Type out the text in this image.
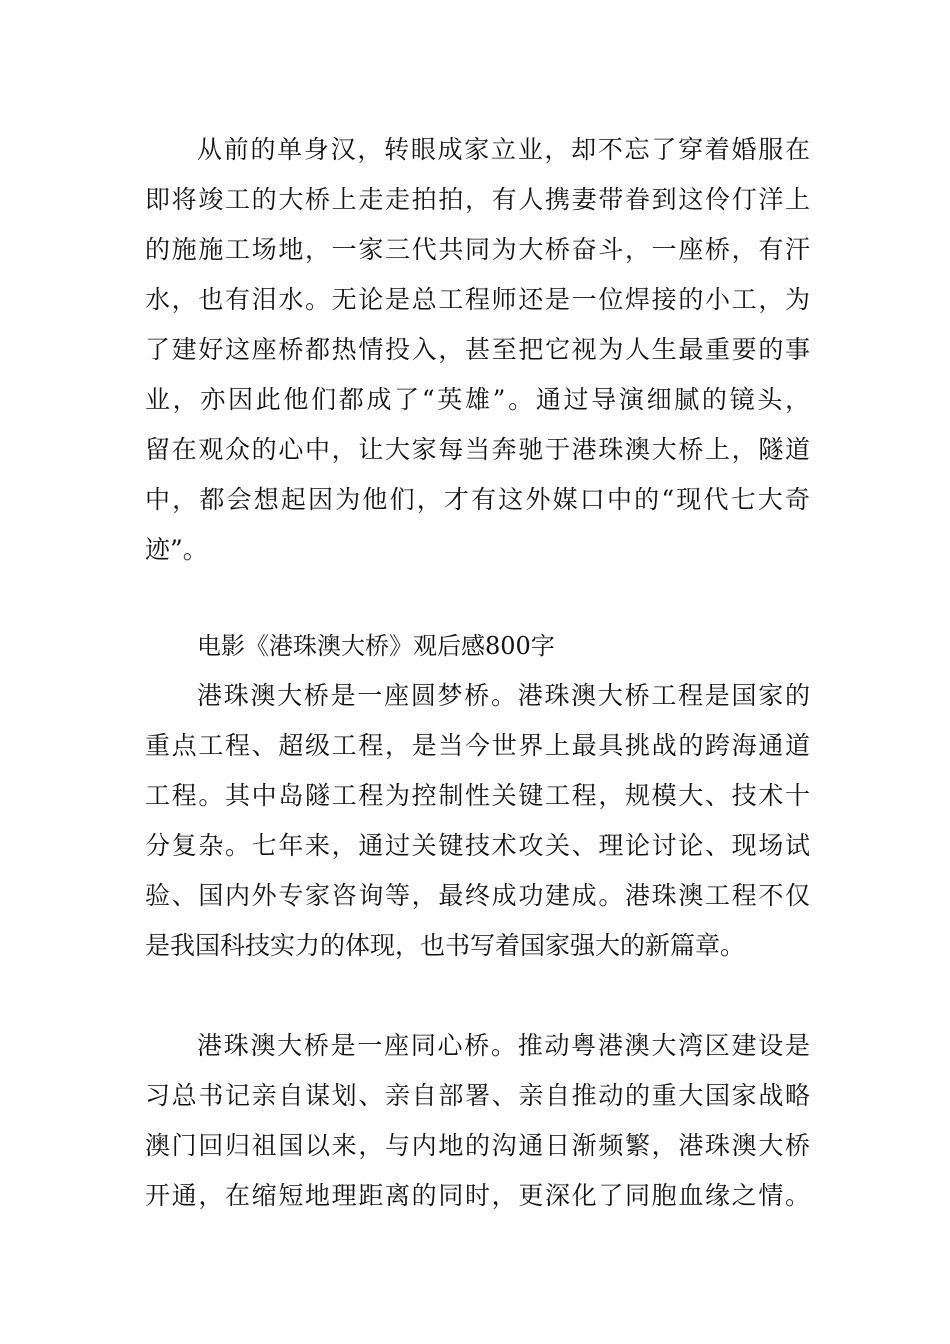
从前的单身汉，转眼成家立业，却不忘了穿着婚服在
即将竣工的大桥上走走拍拍，有人携妻带眷到这伶仃洋上
的施施工场地，一家三代共同为大桥奋斗，一座桥，有汗
水，也有泪水。无论是总工程师还是一位焊接的小工，为
了建好这座桥都热情投入，甚至把它视为人生最重要的事
业，亦因此他们都成了“英雄”。通过导演细腻的镜头，
留在观众的心中，让大家每当奔驰于港珠澳大桥上，隧道
中，都会想起因为他们，才有这外媒口中的“现代七大奇
迹”。
电影《港珠澳大桥》观后感800字
港珠澳大桥是一座圆梦桥。港珠澳大桥工程是国家的
重点工程、超级工程，是当今世界上最具挑战的跨海通道
工程。其中岛隧工程为控制性关键工程，规模大、技术十
分复杂。七年来，通过关键技术攻关、理论讨论、现场试
验、国内外专家咨询等，最终成功建成。港珠澳工程不仅
是我国科技实力的体现，也书写着国家强大的新篇章。
港珠澳大桥是一座同心桥。推动粤港澳大湾区建设是
习总书记亲自谋划、亲自部署、亲自推动的重大国家战略
澳门回归祖国以来，与内地的沟通日渐频繁，港珠澳大桥
开通，在缩短地理距离的同时，更深化了同胞血缘之情。
